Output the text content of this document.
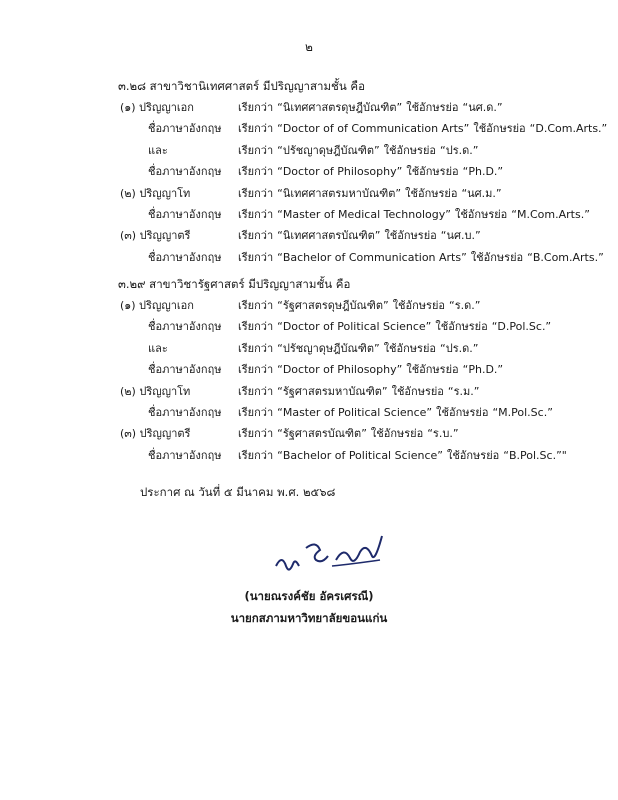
๒
๓.๒๘ สาขาวิชานิเทศศาสตร์ มีปริญญาสามชั้น คือ
(๑) ปริญญาเอก	เรียกว่า “นิเทศศาสตรดุษฎีบัณฑิต” ใช้อักษรย่อ “นศ.ด.”
ชื่อภาษาอังกฤษ เรียกว่า “Doctor of of Communication Arts” ใช้อักษรย่อ “D.Com.Arts.”
และ	เรียกว่า “ปรัชญาดุษฎีบัณฑิต” ใช้อักษรย่อ “ปร.ด.”
ชื่อภาษาอังกฤษ เรียกว่า “Doctor of Philosophy” ใช้อักษรย่อ “Ph.D.”
(๒) ปริญญาโท	เรียกว่า “นิเทศศาสตรมหาบัณฑิต” ใช้อักษรย่อ “นศ.ม.”
ชื่อภาษาอังกฤษ เรียกว่า “Master of Medical Technology” ใช้อักษรย่อ “M.Com.Arts.”
(๓) ปริญญาตรี	เรียกว่า “นิเทศศาสตรบัณฑิต” ใช้อักษรย่อ “นศ.บ.”
ชื่อภาษาอังกฤษ เรียกว่า “Bachelor of Communication Arts” ใช้อักษรย่อ “B.Com.Arts.”
๓.๒๙ สาขาวิชารัฐศาสตร์ มีปริญญาสามชั้น คือ
(๑) ปริญญาเอก	เรียกว่า “รัฐศาสตรดุษฎีบัณฑิต” ใช้อักษรย่อ “ร.ด.”
ชื่อภาษาอังกฤษ เรียกว่า “Doctor of Political Science” ใช้อักษรย่อ “D.Pol.Sc.”
และ	เรียกว่า “ปรัชญาดุษฎีบัณฑิต” ใช้อักษรย่อ “ปร.ด.”
ชื่อภาษาอังกฤษ เรียกว่า “Doctor of Philosophy” ใช้อักษรย่อ “Ph.D.”
(๒) ปริญญาโท	เรียกว่า “รัฐศาสตรมหาบัณฑิต” ใช้อักษรย่อ “ร.ม.”
ชื่อภาษาอังกฤษ เรียกว่า “Master of Political Science” ใช้อักษรย่อ “M.Pol.Sc.”
(๓) ปริญญาตรี	เรียกว่า “รัฐศาสตรบัณฑิต” ใช้อักษรย่อ “ร.บ.”
ชื่อภาษาอังกฤษ เรียกว่า “Bachelor of Political Science” ใช้อักษรย่อ “B.Pol.Sc.”"
ประกาศ ณ วันที่ ๕ มีนาคม พ.ศ. ๒๕๖๘
(นายณรงค์ชัย อัครเศรณี)
นายกสภามหาวิทยาลัยขอนแก่น
